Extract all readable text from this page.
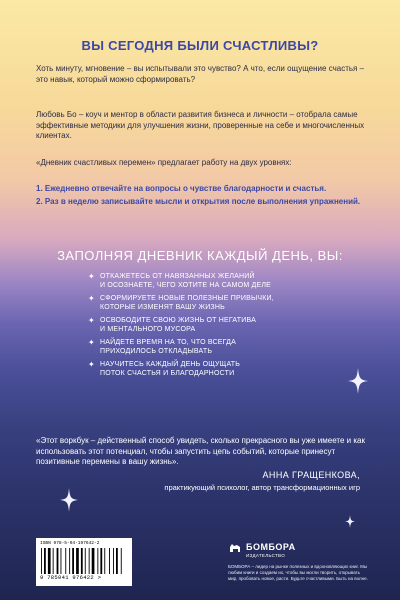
ВЫ СЕГОДНЯ БЫЛИ СЧАСТЛИВЫ?

Хоть минуту, мгновение – вы испытывали это чувство? А что, если ощущение счастья – это навык, который можно сформировать?

Любовь Бо – коуч и ментор в области развития бизнеса и личности – отобрала самые эффективные методики для улучшения жизни, проверенные на себе и многочисленных клиентах.

«Дневник счастливых перемен» предлагает работу на двух уровнях:

1. Ежедневно отвечайте на вопросы о чувстве благодарности и счастья.
2. Раз в неделю записывайте мысли и открытия после выполнения упражнений.
ЗАПОЛНЯЯ ДНЕВНИК КАЖДЫЙ ДЕНЬ, ВЫ:
✦ ОТКАЖЕТЕСЬ ОТ НАВЯЗАННЫХ ЖЕЛАНИЙ
И ОСОЗНАЕТЕ, ЧЕГО ХОТИТЕ НА САМОМ ДЕЛЕ
✦ СФОРМИРУЕТЕ НОВЫЕ ПОЛЕЗНЫЕ ПРИВЫЧКИ,
КОТОРЫЕ ИЗМЕНЯТ ВАШУ ЖИЗНЬ
✦ ОСВОБОДИТЕ СВОЮ ЖИЗНЬ ОТ НЕГАТИВА
И МЕНТАЛЬНОГО МУСОРА
✦ НАЙДЕТЕ ВРЕМЯ НА ТО, ЧТО ВСЕГДА
ПРИХОДИЛОСЬ ОТКЛАДЫВАТЬ
✦ НАУЧИТЕСЬ КАЖДЫЙ ДЕНЬ ОЩУЩАТЬ
ПОТОК СЧАСТЬЯ И БЛАГОДАРНОСТИ

«Этот воркбук – действенный способ увидеть, сколько прекрасного вы уже имеете и как использовать этот потенциал, чтобы запустить цепь событий, которые принесут позитивные перемены в вашу жизнь».

АННА ГРАЩЕНКОВА,
практикующий психолог, автор трансформационных игр
ISBN 978-5-04-197642-2
9 785041 976422 >
БОМБОРА
ИЗДАТЕЛЬСТВО

БОМБОРА – лидер на рынке полезных и вдохновляющих книг. Мы любим книги и создаем их, чтобы вы могли творить, открывать мир, пробовать новое, расти. Будьте счастливыми. Быть на волне.
